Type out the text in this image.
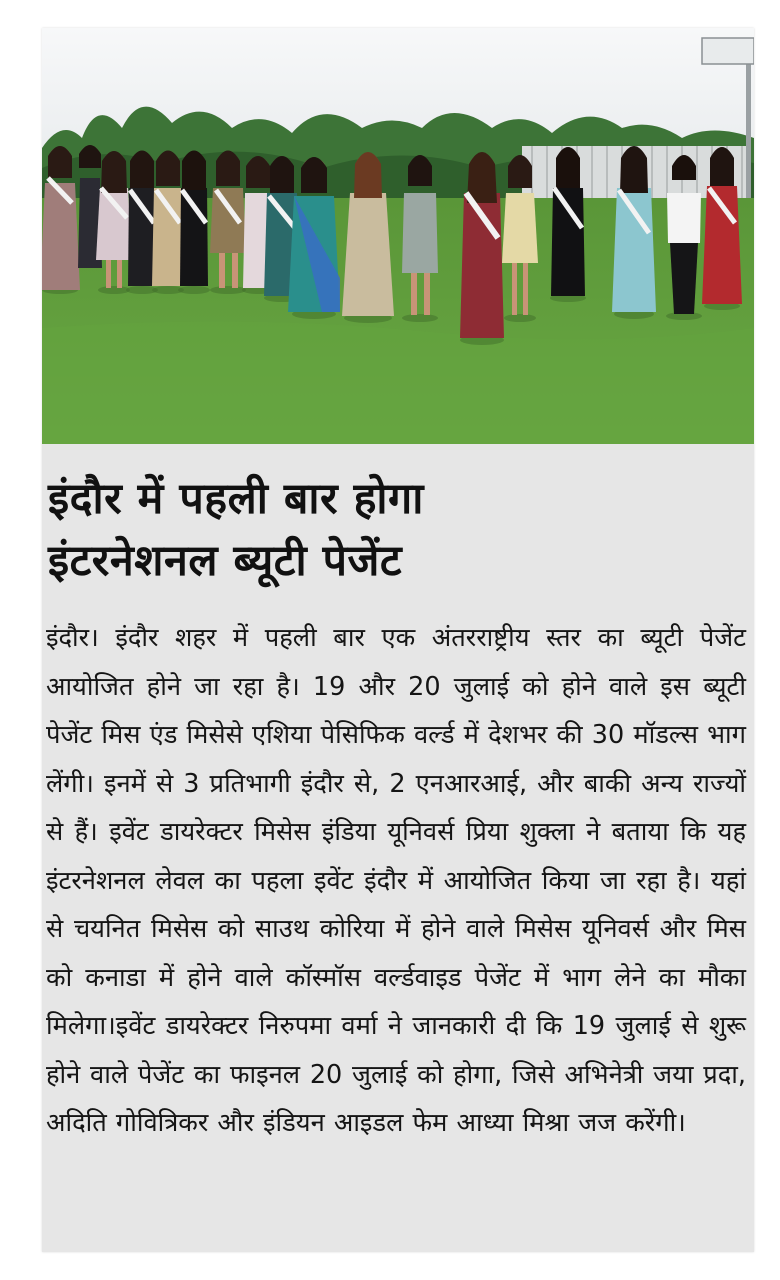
इंदौर में पहली बार होगा
इंटरनेशनल ब्यूटी पेजेंट

इंदौर। इंदौर शहर में पहली बार एक अंतरराष्ट्रीय स्तर का ब्यूटी पेजेंट आयोजित होने जा रहा है। 19 और 20 जुलाई को होने वाले इस ब्यूटी पेजेंट मिस एंड मिसेसे एशिया पेसिफिक वर्ल्ड में देशभर की 30 मॉडल्स भाग लेंगी। इनमें से 3 प्रतिभागी इंदौर से, 2 एनआरआई, और बाकी अन्य राज्यों से हैं। इवेंट डायरेक्टर मिसेस इंडिया यूनिवर्स प्रिया शुक्ला ने बताया कि यह इंटरनेशनल लेवल का पहला इवेंट इंदौर में आयोजित किया जा रहा है। यहां से चयनित मिसेस को साउथ कोरिया में होने वाले मिसेस यूनिवर्स और मिस को कनाडा में होने वाले कॉस्मॉस वर्ल्डवाइड पेजेंट में भाग लेने का मौका मिलेगा।इवेंट डायरेक्टर निरुपमा वर्मा ने जानकारी दी कि 19 जुलाई से शुरू होने वाले पेजेंट का फाइनल 20 जुलाई को होगा, जिसे अभिनेत्री जया प्रदा, अदिति गोवित्रिकर और इंडियन आइडल फेम आध्या मिश्रा जज करेंगी।
